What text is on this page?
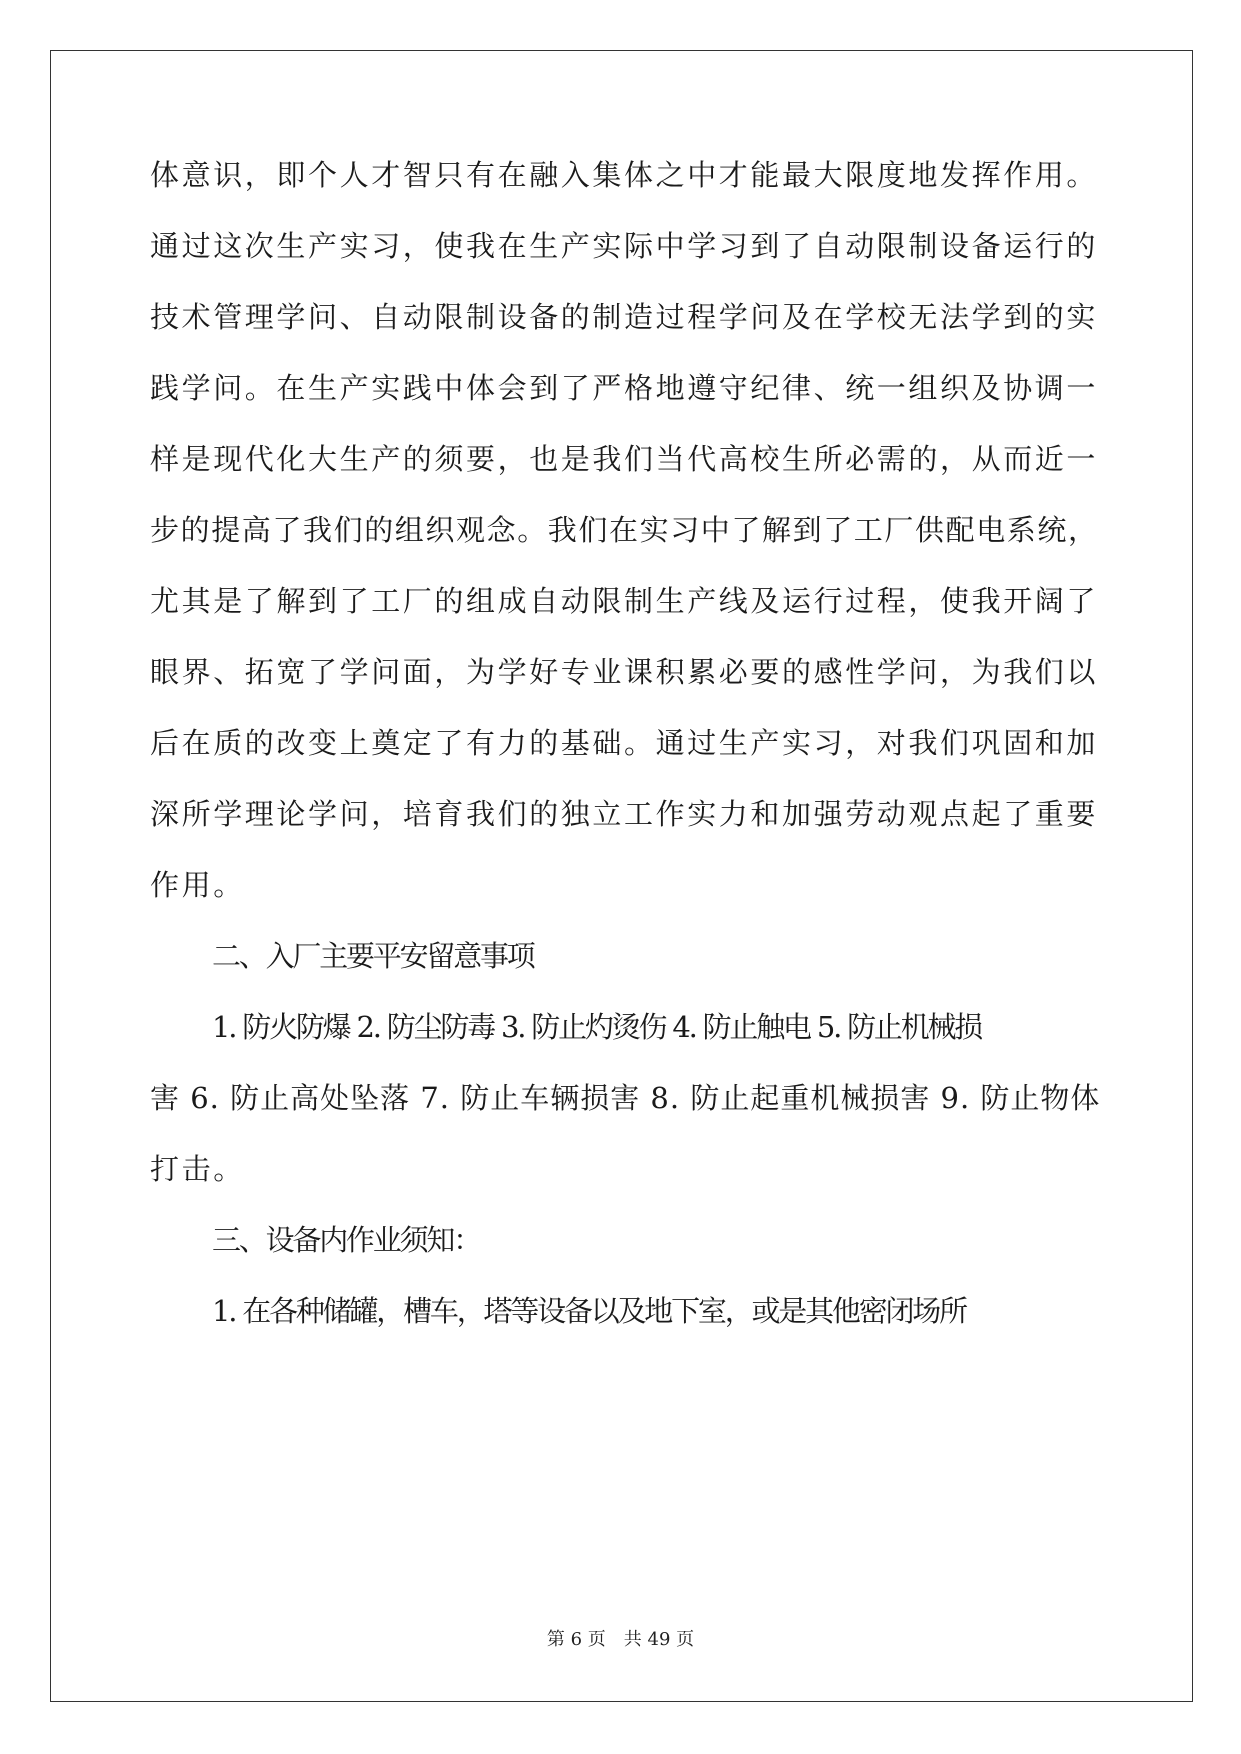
体意识，即个人才智只有在融入集体之中才能最大限度地发挥作用。
通过这次生产实习，使我在生产实际中学习到了自动限制设备运行的
技术管理学问、自动限制设备的制造过程学问及在学校无法学到的实
践学问。在生产实践中体会到了严格地遵守纪律、统一组织及协调一
样是现代化大生产的须要，也是我们当代高校生所必需的，从而近一
步的提高了我们的组织观念。我们在实习中了解到了工厂供配电系统，
尤其是了解到了工厂的组成自动限制生产线及运行过程，使我开阔了
眼界、拓宽了学问面，为学好专业课积累必要的感性学问，为我们以
后在质的改变上奠定了有力的基础。通过生产实习，对我们巩固和加
深所学理论学问，培育我们的独立工作实力和加强劳动观点起了重要
作用。
二、入厂主要平安留意事项
1. 防火防爆 2. 防尘防毒 3. 防止灼烫伤 4. 防止触电 5. 防止机械损
害 6. 防止高处坠落 7. 防止车辆损害 8. 防止起重机械损害 9. 防止物体
打击。
三、设备内作业须知：
1. 在各种储罐，槽车，塔等设备以及地下室，或是其他密闭场所
第 6 页 共 49 页
